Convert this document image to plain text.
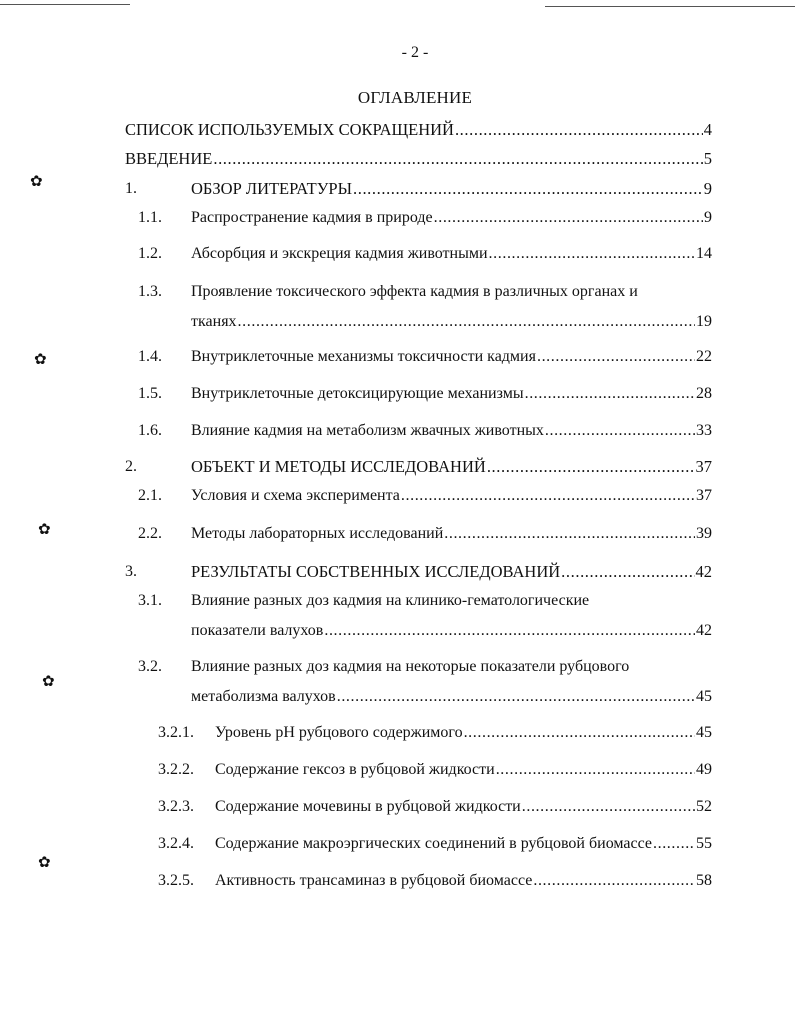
✿
✿
✿
✿
✿
- 2 -
ОГЛАВЛЕНИЕ
СПИСОК ИСПОЛЬЗУЕМЫХ СОКРАЩЕНИЙ .....	4
ВВЕДЕНИЕ .....	5
1.	ОБЗОР ЛИТЕРАТУРЫ .....	9
1.1. Распространение кадмия в природе .....	9
1.2. Абсорбция и экскреция кадмия животными .....	14
1.3. Проявление токсического эффекта кадмия в различных органах и
тканях .....	19
1.4. Внутриклеточные механизмы токсичности кадмия .....	22
1.5. Внутриклеточные детоксицирующие механизмы .....	28
1.6. Влияние кадмия на метаболизм жвачных животных .....	33
2.	ОБЪЕКТ И МЕТОДЫ ИССЛЕДОВАНИЙ .....	37
2.1. Условия и схема эксперимента .....	37
2.2. Методы лабораторных исследований .....	39
3.	РЕЗУЛЬТАТЫ СОБСТВЕННЫХ ИССЛЕДОВАНИЙ .....	42
3.1. Влияние разных доз кадмия на клинико-гематологические
показатели валухов .....	42
3.2. Влияние разных доз кадмия на некоторые показатели рубцового
метаболизма валухов .....	45
3.2.1. Уровень рН рубцового содержимого .....	45
3.2.2. Содержание гексоз в рубцовой жидкости .....	49
3.2.3. Содержание мочевины в рубцовой жидкости .....	52
3.2.4. Содержание макроэргических соединений в рубцовой биомассе .....	55
3.2.5. Активность трансаминаз в рубцовой биомассе .....	58
